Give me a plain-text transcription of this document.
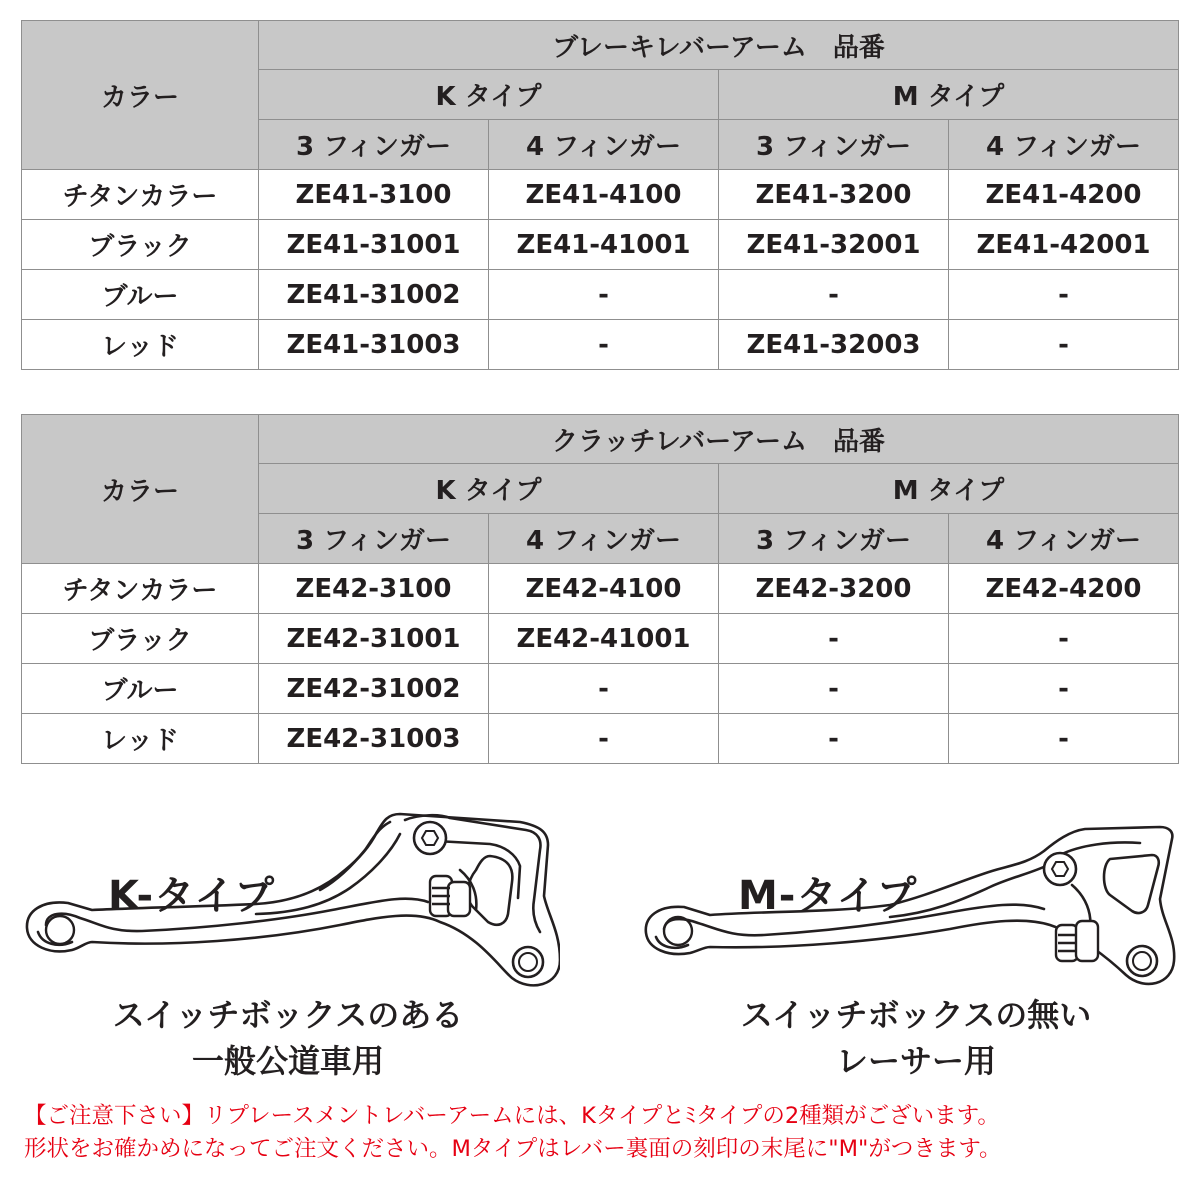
カラー	ブレーキレバーアーム　品番			
	K タイプ		M タイプ	
	3 フィンガー	4 フィンガー	3 フィンガー	4 フィンガー
チタンカラー	ZE41-3100	ZE41-4100	ZE41-3200	ZE41-4200
ブラック	ZE41-31001	ZE41-41001	ZE41-32001	ZE41-42001
ブルー	ZE41-31002	-	-	-
レッド	ZE41-31003	-	ZE41-32003	-
カラー	クラッチレバーアーム　品番			
	K タイプ		M タイプ	
	3 フィンガー	4 フィンガー	3 フィンガー	4 フィンガー
チタンカラー	ZE42-3100	ZE42-4100	ZE42-3200	ZE42-4200
ブラック	ZE42-31001	ZE42-41001	-	-
ブルー	ZE42-31002	-	-	-
レッド	ZE42-31003	-	-	-
K-タイプ
スイッチボックスのある
一般公道車用
M-タイプ
スイッチボックスの無い
レーサー用
【ご注意下さい】リプレースメントレバーアームには、Kタイプとﾐタイプの2種類がございます。
形状をお確かめになってご注文ください。Mタイプはレバー裏面の刻印の末尾に"M"がつきます。
